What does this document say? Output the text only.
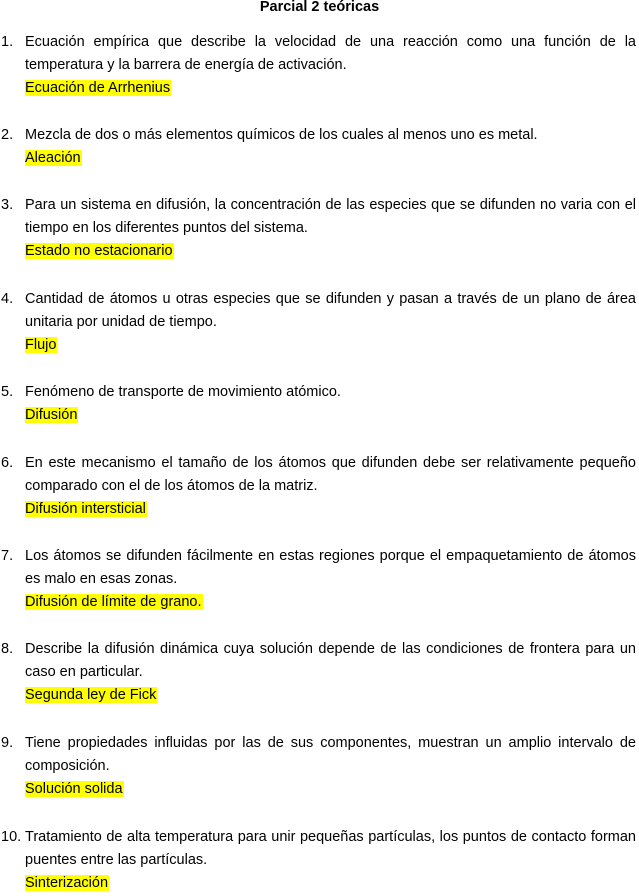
Parcial 2 teóricas
1. Ecuación empírica que describe la velocidad de una reacción como una función de la temperatura y la barrera de energía de activación.

Ecuación de Arrhenius

2. Mezcla de dos o más elementos químicos de los cuales al menos uno es metal.

Aleación

3. Para un sistema en difusión, la concentración de las especies que se difunden no varia con el tiempo en los diferentes puntos del sistema.

Estado no estacionario

4. Cantidad de átomos u otras especies que se difunden y pasan a través de un plano de área unitaria por unidad de tiempo.

Flujo

5. Fenómeno de transporte de movimiento atómico.

Difusión

6. En este mecanismo el tamaño de los átomos que difunden debe ser relativamente pequeño comparado con el de los átomos de la matriz.

Difusión intersticial

7. Los átomos se difunden fácilmente en estas regiones porque el empaquetamiento de átomos es malo en esas zonas.

Difusión de límite de grano.

8. Describe la difusión dinámica cuya solución depende de las condiciones de frontera para un caso en particular.

Segunda ley de Fick

9. Tiene propiedades influidas por las de sus componentes, muestran un amplio intervalo de composición.

Solución solida

10. Tratamiento de alta temperatura para unir pequeñas partículas, los puntos de contacto forman puentes entre las partículas.

Sinterización
